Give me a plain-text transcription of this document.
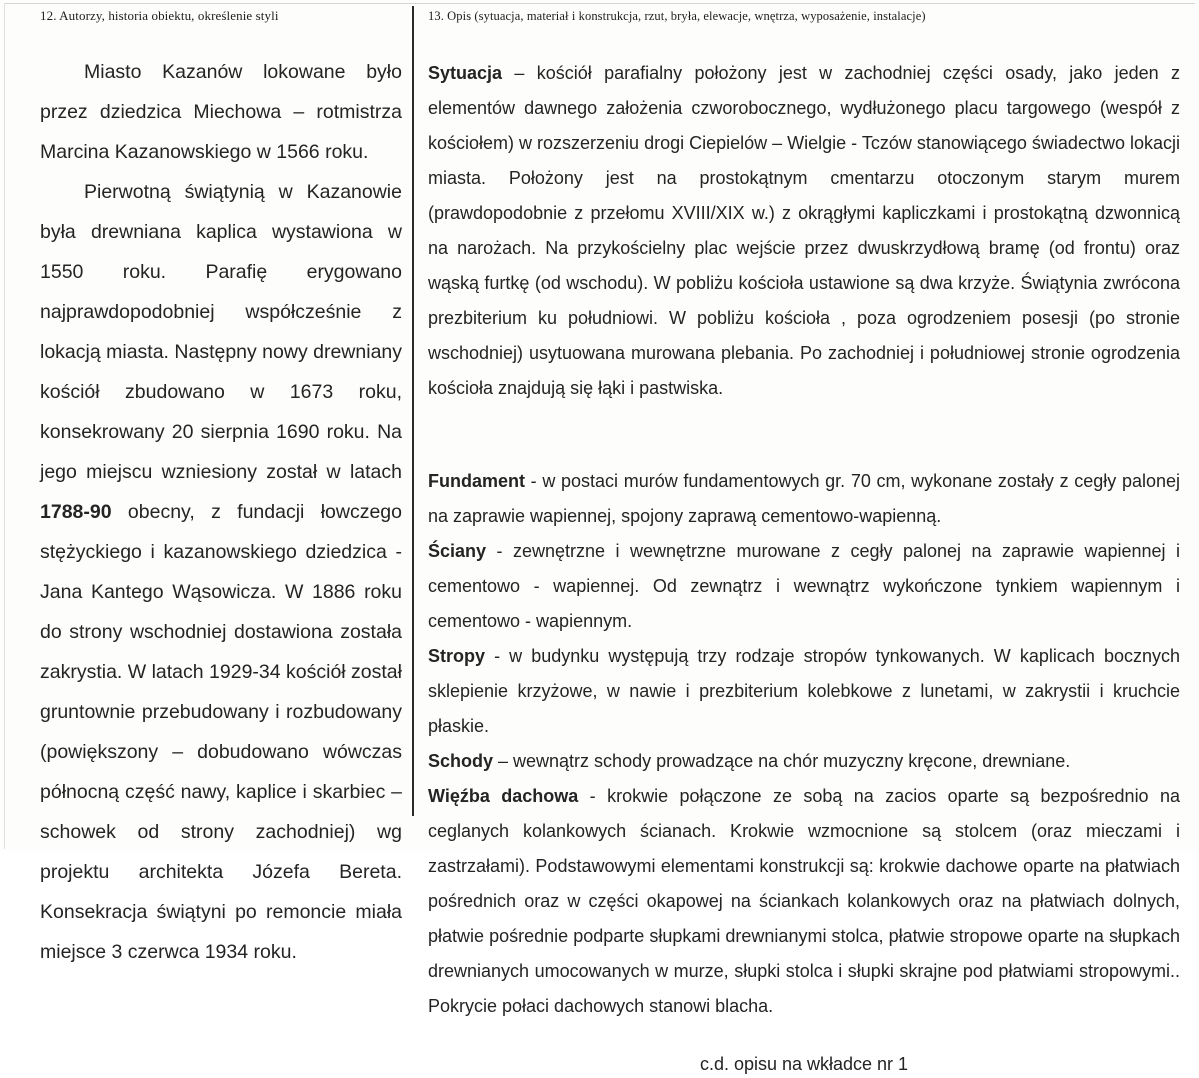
12. Autorzy, historia obiektu, określenie styli

Miasto Kazanów lokowane było przez dziedzica Miechowa – rotmistrza Marcina Kazanowskiego w 1566 roku.

Pierwotną świątynią w Kazanowie była drewniana kaplica wystawiona w 1550 roku. Parafię erygowano najprawdopodobniej współcześnie z lokacją miasta. Następny nowy drewniany kościół zbudowano w 1673 roku, konsekrowany 20 sierpnia 1690 roku. Na jego miejscu wzniesiony został w latach 1788-90 obecny, z fundacji łowczego stężyckiego i kazanowskiego dziedzica - Jana Kantego Wąsowicza. W 1886 roku do strony wschodniej dostawiona została zakrystia. W latach 1929-34 kościół został gruntownie przebudowany i rozbudowany (powiększony – dobudowano wówczas północną część nawy, kaplice i skarbiec –schowek od strony zachodniej) wg projektu architekta Józefa Bereta. Konsekracja świątyni po remoncie miała miejsce 3 czerwca 1934 roku.

13. Opis (sytuacja, materiał i konstrukcja, rzut, bryła, elewacje, wnętrza, wyposażenie, instalacje)

Sytuacja – kościół parafialny położony jest w zachodniej części osady, jako jeden z elementów dawnego założenia czworobocznego, wydłużonego placu targowego (wespół z kościołem) w rozszerzeniu drogi Ciepielów – Wielgie - Tczów stanowiącego świadectwo lokacji miasta. Położony jest na prostokątnym cmentarzu otoczonym starym murem (prawdopodobnie z przełomu XVIII/XIX w.) z okrągłymi kapliczkami i prostokątną dzwonnicą na narożach. Na przykościelny plac wejście przez dwuskrzydłową bramę (od frontu) oraz wąską furtkę (od wschodu). W pobliżu kościoła ustawione są dwa krzyże. Świątynia zwrócona prezbiterium ku południowi. W pobliżu kościoła , poza ogrodzeniem posesji (po stronie wschodniej) usytuowana murowana plebania. Po zachodniej i południowej stronie ogrodzenia kościoła znajdują się łąki i pastwiska.

Fundament - w postaci murów fundamentowych gr. 70 cm, wykonane zostały z cegły palonej na zaprawie wapiennej, spojony zaprawą cementowo-wapienną.

Ściany - zewnętrzne i wewnętrzne murowane z cegły palonej na zaprawie wapiennej i cementowo - wapiennej. Od zewnątrz i wewnątrz wykończone tynkiem wapiennym i cementowo - wapiennym.

Stropy - w budynku występują trzy rodzaje stropów tynkowanych. W kaplicach bocznych sklepienie krzyżowe, w nawie i prezbiterium kolebkowe z lunetami, w zakrystii i kruchcie płaskie.

Schody – wewnątrz schody prowadzące na chór muzyczny kręcone, drewniane.

Więźba dachowa - krokwie połączone ze sobą na zacios oparte są bezpośrednio na ceglanych kolankowych ścianach. Krokwie wzmocnione są stolcem (oraz mieczami i zastrzałami). Podstawowymi elementami konstrukcji są: krokwie dachowe oparte na płatwiach pośrednich oraz w części okapowej na ściankach kolankowych oraz na płatwiach dolnych, płatwie pośrednie podparte słupkami drewnianymi stolca, płatwie stropowe oparte na słupkach drewnianych umocowanych w murze, słupki stolca i słupki skrajne pod płatwiami stropowymi.. Pokrycie połaci dachowych stanowi blacha.

c.d. opisu na wkładce nr 1
